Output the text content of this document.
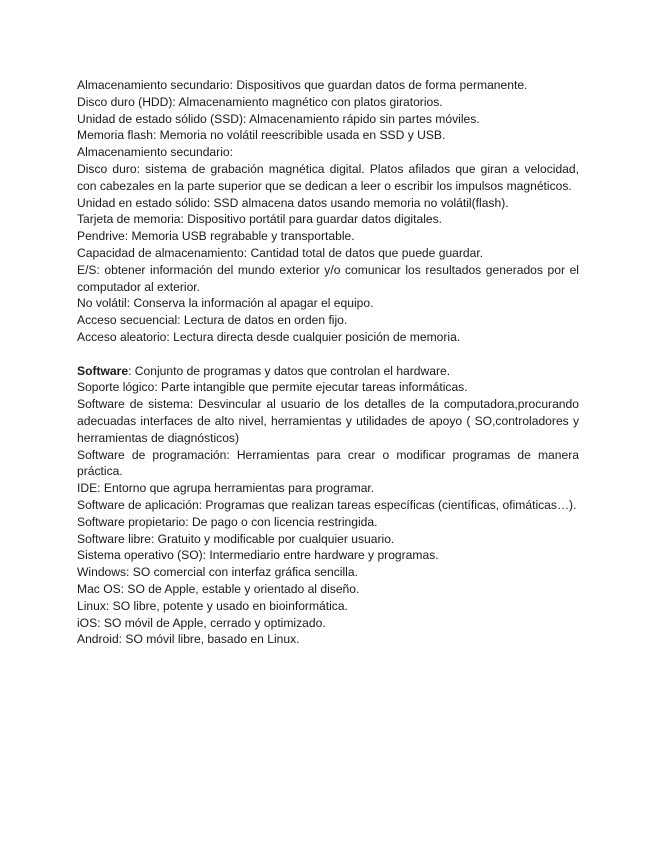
Almacenamiento secundario: Dispositivos que guardan datos de forma permanente.

Disco duro (HDD): Almacenamiento magnético con platos giratorios.

Unidad de estado sólido (SSD): Almacenamiento rápido sin partes móviles.

Memoria flash: Memoria no volátil reescribible usada en SSD y USB.

Almacenamiento secundario:

Disco duro: sistema de grabación magnética digital. Platos afilados que giran a velocidad, con cabezales en la parte superior que se dedican a leer o escribir los impulsos magnéticos.

Unidad en estado sólido: SSD almacena datos usando memoria no volátil(flash).

Tarjeta de memoria: Dispositivo portátil para guardar datos digitales.

Pendrive: Memoria USB regrabable y transportable.

Capacidad de almacenamiento: Cantidad total de datos que puede guardar.

E/S: obtener información del mundo exterior y/o comunicar los resultados generados por el computador al exterior.

No volátil: Conserva la información al apagar el equipo.

Acceso secuencial: Lectura de datos en orden fijo.

Acceso aleatorio: Lectura directa desde cualquier posición de memoria.

Software: Conjunto de programas y datos que controlan el hardware.

Soporte lógico: Parte intangible que permite ejecutar tareas informáticas.

Software de sistema: Desvincular al usuario de los detalles de la computadora,procurando adecuadas interfaces de alto nivel, herramientas y utilidades de apoyo ( SO,controladores y herramientas de diagnósticos)

Software de programación: Herramientas para crear o modificar programas de manera práctica.

IDE: Entorno que agrupa herramientas para programar.

Software de aplicación: Programas que realizan tareas específicas (científicas, ofimáticas…).

Software propietario: De pago o con licencia restringida.

Software libre: Gratuito y modificable por cualquier usuario.

Sistema operativo (SO): Intermediario entre hardware y programas.

Windows: SO comercial con interfaz gráfica sencilla.

Mac OS: SO de Apple, estable y orientado al diseño.

Linux: SO libre, potente y usado en bioinformática.

iOS: SO móvil de Apple, cerrado y optimizado.

Android: SO móvil libre, basado en Linux.
